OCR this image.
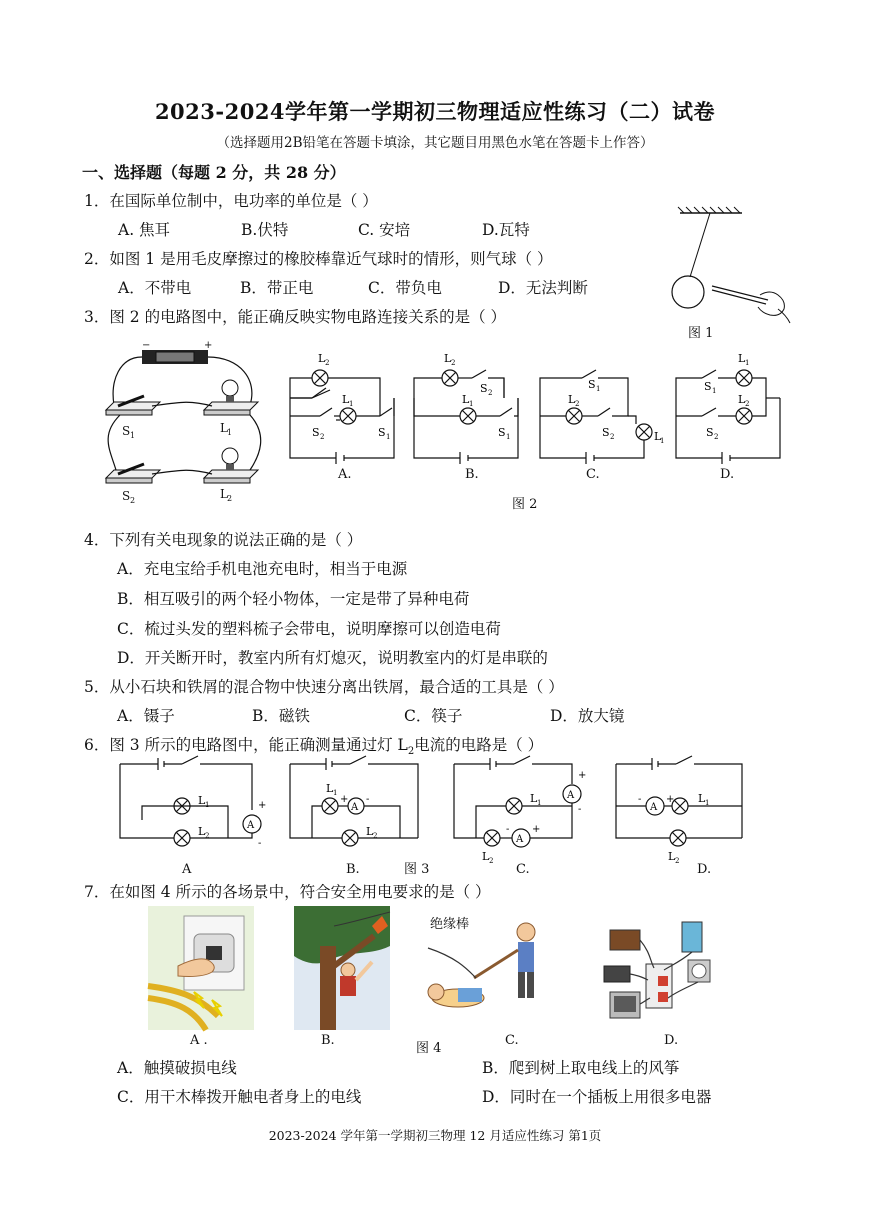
2023-2024学年第一学期初三物理适应性练习（二）试卷
（选择题用2B铅笔在答题卡填涂，其它题目用黑色水笔在答题卡上作答）
一、选择题（每题 2 分，共 28 分）
1．在国际单位制中，电功率的单位是（ ）
A. 焦耳	B.伏特	C. 安培	D.瓦特
2．如图 1 是用毛皮摩擦过的橡胶棒靠近气球时的情形，则气球（ ）
A．不带电	B．带正电	C．带负电	D．无法判断
图 1
3．图 2 的电路图中，能正确反映实物电路连接关系的是（ ）
−	+
S 1
L 1
S 2	L 2
L 2
L 1
S 2	S 1
L 2
S 2
L 1
S 1
S 1
L 2
S 2	L
1
S 1
L 1
L 2
S 2
A.	B.	C.	D.
图 2
4．下列有关电现象的说法正确的是（ ）
A．充电宝给手机电池充电时，相当于电源
B．相互吸引的两个轻小物体，一定是带了异种电荷
C．梳过头发的塑料梳子会带电，说明摩擦可以创造电荷
D．开关断开时，教室内所有灯熄灭，说明教室内的灯是串联的
5．从小石块和铁屑的混合物中快速分离出铁屑，最合适的工具是（ ）
A．镊子	B．磁铁	C．筷子	D．放大镜
6．图 3 所示的电路图中，能正确测量通过灯 $L_2$电流的电路是（ ）
A
+
-
L 1
L 2
A
+ -
L 1
L 2
A
A
+
-
- +
L 1
L 2
A
- + L 1
L 2
A	B.	图 3	C.	D.
7．在如图 4 所示的各场景中，符合安全用电要求的是（ ）
绝缘棒
A .	B.
图 4
C.	D.
A．触摸破损电线	B．爬到树上取电线上的风筝
C．用干木棒拨开触电者身上的电线	D．同时在一个插板上用很多电器
2023-2024 学年第一学期初三物理 12 月适应性练习 第1页
